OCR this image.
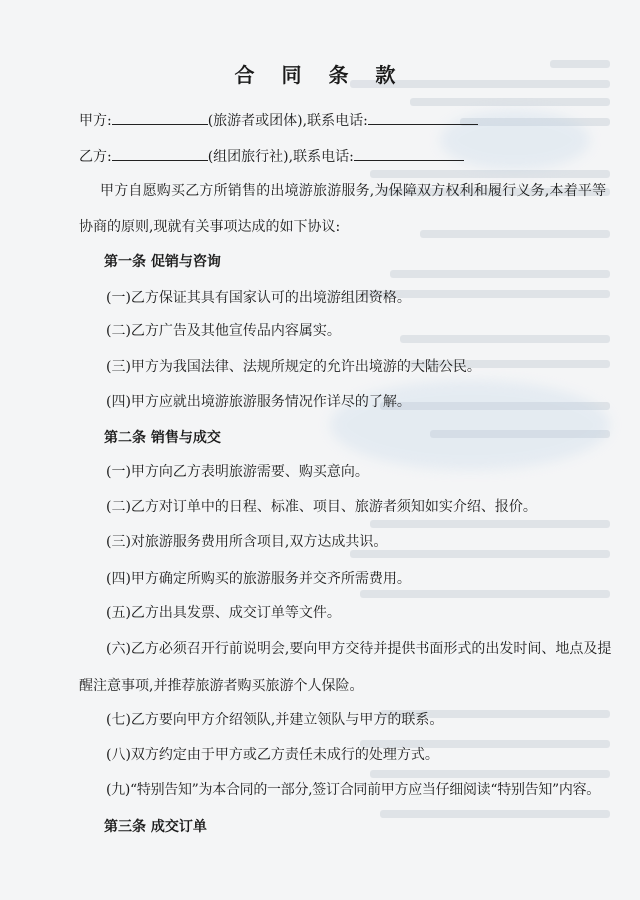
合 同 条 款
甲方:	(旅游者或团体),联系电话:
乙方:	(组团旅行社),联系电话:
甲方自愿购买乙方所销售的出境游旅游服务,为保障双方权利和履行义务,本着平等
协商的原则,现就有关事项达成的如下协议:
第一条 促销与咨询
(一)乙方保证其具有国家认可的出境游组团资格。
(二)乙方广告及其他宣传品内容属实。
(三)甲方为我国法律、法规所规定的允许出境游的大陆公民。
(四)甲方应就出境游旅游服务情况作详尽的了解。
第二条 销售与成交
(一)甲方向乙方表明旅游需要、购买意向。
(二)乙方对订单中的日程、标准、项目、旅游者须知如实介绍、报价。
(三)对旅游服务费用所含项目,双方达成共识。
(四)甲方确定所购买的旅游服务并交齐所需费用。
(五)乙方出具发票、成交订单等文件。
(六)乙方必须召开行前说明会,要向甲方交待并提供书面形式的出发时间、地点及提
醒注意事项,并推荐旅游者购买旅游个人保险。
(七)乙方要向甲方介绍领队,并建立领队与甲方的联系。
(八)双方约定由于甲方或乙方责任未成行的处理方式。
(九)“特别告知”为本合同的一部分,签订合同前甲方应当仔细阅读“特别告知”内容。
第三条 成交订单
